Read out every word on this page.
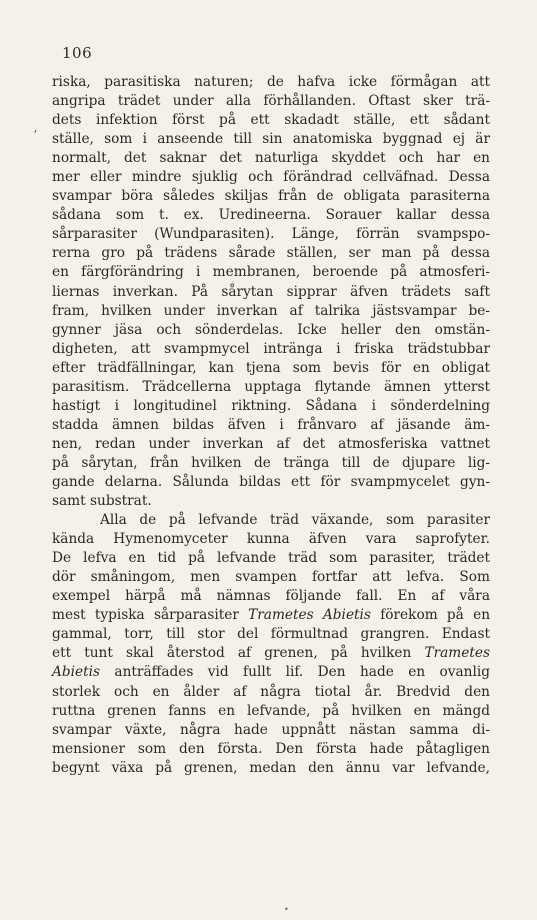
106
ʼ
riska, parasitiska naturen; de hafva icke förmågan att
angripa trädet under alla förhållanden. Oftast sker trä-
dets infektion först på ett skadadt ställe, ett sådant
ställe, som i anseende till sin anatomiska byggnad ej är
normalt, det saknar det naturliga skyddet och har en
mer eller mindre sjuklig och förändrad cellväfnad. Dessa
svampar böra således skiljas från de obligata parasiterna
sådana som t. ex. Uredineerna. Sorauer kallar dessa
sårparasiter (Wundparasiten). Länge, förrän svampspo-
rerna gro på trädens sårade ställen, ser man på dessa
en färgförändring i membranen, beroende på atmosferi-
liernas inverkan. På sårytan sipprar äfven trädets saft
fram, hvilken under inverkan af talrika jästsvampar be-
gynner jäsa och sönderdelas. Icke heller den omstän-
digheten, att svampmycel intränga i friska trädstubbar
efter trädfällningar, kan tjena som bevis för en obligat
parasitism. Trädcellerna upptaga flytande ämnen ytterst
hastigt i longitudinel riktning. Sådana i sönderdelning
stadda ämnen bildas äfven i frånvaro af jäsande äm-
nen, redan under inverkan af det atmosferiska vattnet
på sårytan, från hvilken de tränga till de djupare lig-
gande delarna. Sålunda bildas ett för svampmycelet gyn-
samt substrat.
Alla de på lefvande träd växande, som parasiter
kända Hymenomyceter kunna äfven vara saprofyter.
De lefva en tid på lefvande träd som parasiter, trädet
dör småningom, men svampen fortfar att lefva. Som
exempel härpå må nämnas följande fall. En af våra
mest typiska sårparasiter Trametes Abietis förekom på en
gammal, torr, till stor del förmultnad grangren. Endast
ett tunt skal återstod af grenen, på hvilken Trametes
Abietis anträffades vid fullt lif. Den hade en ovanlig
storlek och en ålder af några tiotal år. Bredvid den
ruttna grenen fanns en lefvande, på hvilken en mängd
svampar växte, några hade uppnått nästan samma di-
mensioner som den första. Den första hade påtagligen
begynt växa på grenen, medan den ännu var lefvande,
•
